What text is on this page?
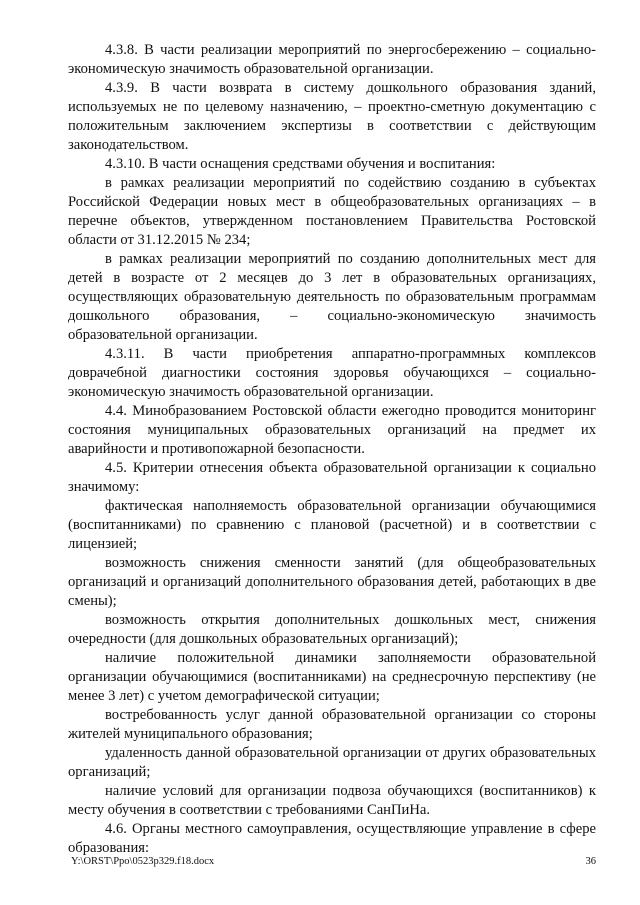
4.3.8. В части реализации мероприятий по энергосбережению – социально-экономическую значимость образовательной организации.

4.3.9. В части возврата в систему дошкольного образования зданий, используемых не по целевому назначению, – проектно-сметную документацию с положительным заключением экспертизы в соответствии с действующим законодательством.

4.3.10. В части оснащения средствами обучения и воспитания:

в рамках реализации мероприятий по содействию созданию в субъектах Российской Федерации новых мест в общеобразовательных организациях – в перечне объектов, утвержденном постановлением Правительства Ростовской области от 31.12.2015 № 234;

в рамках реализации мероприятий по созданию дополнительных мест для детей в возрасте от 2 месяцев до 3 лет в образовательных организациях, осуществляющих образовательную деятельность по образовательным программам дошкольного образования, – социально-экономическую значимость образовательной организации.

4.3.11. В части приобретения аппаратно-программных комплексов доврачебной диагностики состояния здоровья обучающихся – социально-экономическую значимость образовательной организации.

4.4. Минобразованием Ростовской области ежегодно проводится мониторинг состояния муниципальных образовательных организаций на предмет их аварийности и противопожарной безопасности.

4.5. Критерии отнесения объекта образовательной организации к социально значимому:

фактическая наполняемость образовательной организации обучающимися (воспитанниками) по сравнению с плановой (расчетной) и в соответствии с лицензией;

возможность снижения сменности занятий (для общеобразовательных организаций и организаций дополнительного образования детей, работающих в две смены);

возможность открытия дополнительных дошкольных мест, снижения очередности (для дошкольных образовательных организаций);

наличие положительной динамики заполняемости образовательной организации обучающимися (воспитанниками) на среднесрочную перспективу (не менее 3 лет) с учетом демографической ситуации;

востребованность услуг данной образовательной организации со стороны жителей муниципального образования;

удаленность данной образовательной организации от других образовательных организаций;

наличие условий для организации подвоза обучающихся (воспитанников) к месту обучения в соответствии с требованиями СанПиНа.

4.6. Органы местного самоуправления, осуществляющие управление в сфере образования:

Y:\ORST\Ppo\0523p329.f18.docx	36
